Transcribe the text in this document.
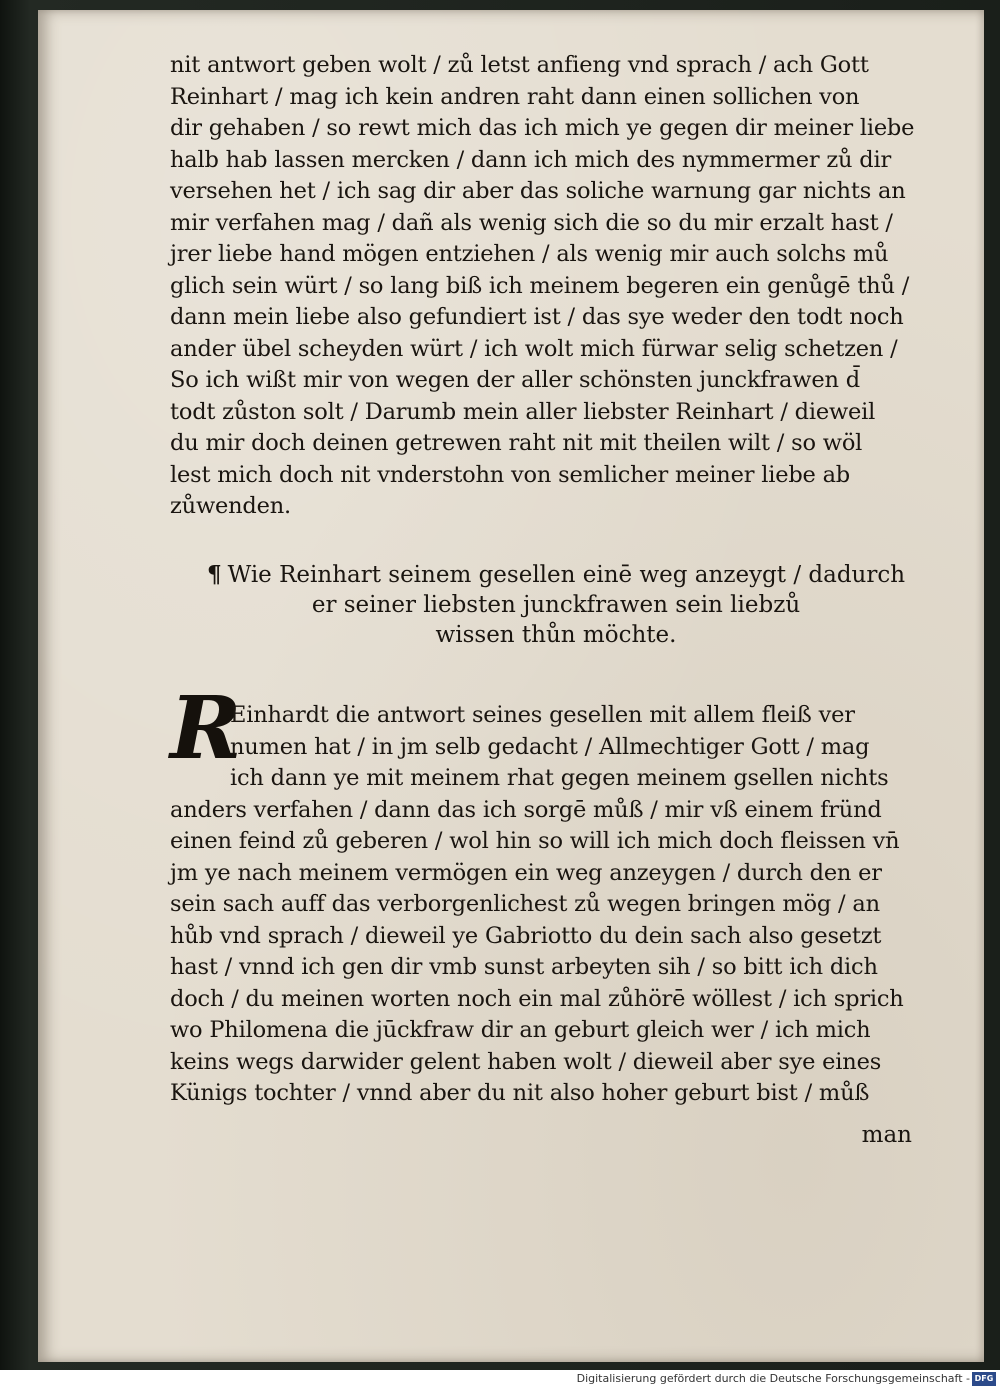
nit antwort geben wolt / zů letst anfieng vnd sprach / ach Gott
Reinhart / mag ich kein andren raht dann einen sollichen von
dir gehaben / so rewt mich das ich mich ye gegen dir meiner liebe
halb hab lassen mercken / dann ich mich des nymmermer zů dir
versehen het / ich sag dir aber das soliche warnung gar nichts an
mir verfahen mag / dañ als wenig sich die so du mir erzalt hast /
jrer liebe hand mögen entziehen / als wenig mir auch solchs mů
glich sein würt / so lang biß ich meinem begeren ein genůgē thů /
dann mein liebe also gefundiert ist / das sye weder den todt noch
ander übel scheyden würt / ich wolt mich fürwar selig schetzen /
So ich wißt mir von wegen der aller schönsten junckfrawen d̄
todt zůston solt / Darumb mein aller liebster Reinhart / dieweil
du mir doch deinen getrewen raht nit mit theilen wilt / so wöl
lest mich doch nit vnderstohn von semlicher meiner liebe ab
zůwenden.
¶ Wie Reinhart seinem gesellen einē weg anzeygt / dadurch
er seiner liebsten junckfrawen sein liebzů
wissen thůn möchte.
R
Einhardt die antwort seines gesellen mit allem fleiß ver
numen hat / in jm selb gedacht / Allmechtiger Gott / mag
ich dann ye mit meinem rhat gegen meinem gsellen nichts
anders verfahen / dann das ich sorgē můß / mir vß einem fründ
einen feind zů geberen / wol hin so will ich mich doch fleissen vn̄
jm ye nach meinem vermögen ein weg anzeygen / durch den er
sein sach auff das verborgenlichest zů wegen bringen mög / an
hůb vnd sprach / dieweil ye Gabriotto du dein sach also gesetzt
hast / vnnd ich gen dir vmb sunst arbeyten sih / so bitt ich dich
doch / du meinen worten noch ein mal zůhörē wöllest / ich sprich
wo Philomena die jūckfraw dir an geburt gleich wer / ich mich
keins wegs darwider gelent haben wolt / dieweil aber sye eines
Künigs tochter / vnnd aber du nit also hoher geburt bist / můß
man
Digitalisierung gefördert durch die Deutsche Forschungsgemeinschaft - DFG
